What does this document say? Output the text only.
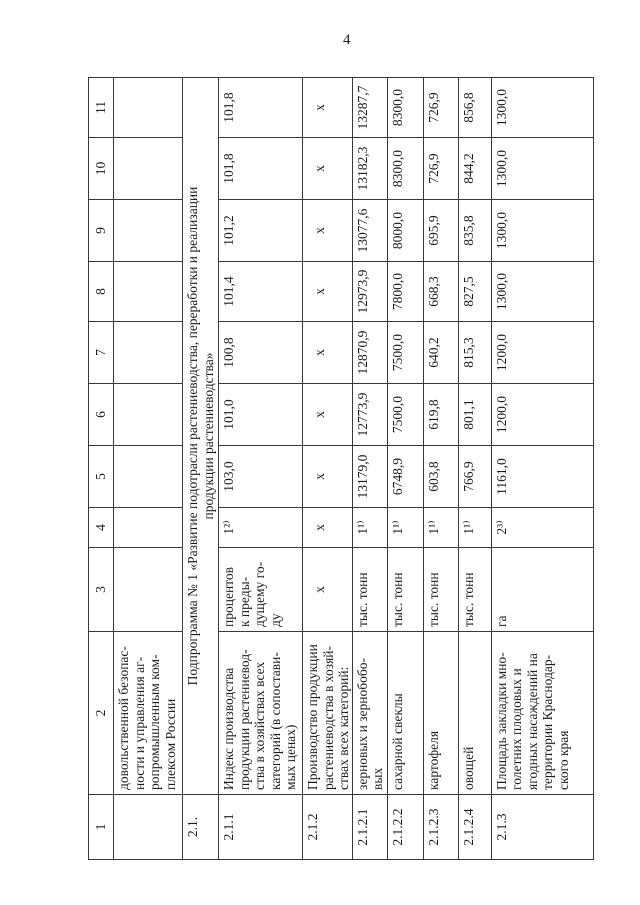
4
1	2	3	4	5	6	7	8	9	10	11
	довольственной безопас-
ности и управления аг-
ропромышленным ком-
плексом России									
2.1.	Подпрограмма № 1 «Развитие подотрасли растениеводства, переработки и реализации
продукции растениеводства»									
2.1.1	Индекс производства
продукции растениевод-
ства в хозяйствах всех
категорий (в сопостави-
мых ценах)	процентов
к преды-
дущему го-
ду	1²⁾	103,0	101,0	100,8	101,4	101,2	101,8	101,8
2.1.2	Производство продукции
растениеводства в хозяй-
ствах всех категорий:	х	х	х	х	х	х	х	х	х
2.1.2.1	зерновых и зернобобо-
вых	тыс. тонн	1¹⁾	13179,0	12773,9	12870,9	12973,9	13077,6	13182,3	13287,7
2.1.2.2	сахарной свеклы	тыс. тонн	1¹⁾	6748,9	7500,0	7500,0	7800,0	8000,0	8300,0	8300,0
2.1.2.3	картофеля	тыс. тонн	1¹⁾	603,8	619,8	640,2	668,3	695,9	726,9	726,9
2.1.2.4	овощей	тыс. тонн	1¹⁾	766,9	801,1	815,3	827,5	835,8	844,2	856,8
2.1.3	Площадь закладки мно-
голетних плодовых и
ягодных насаждений на
территории Краснодар-
ского края	га	2³⁾	1161,0	1200,0	1200,0	1300,0	1300,0	1300,0	1300,0
